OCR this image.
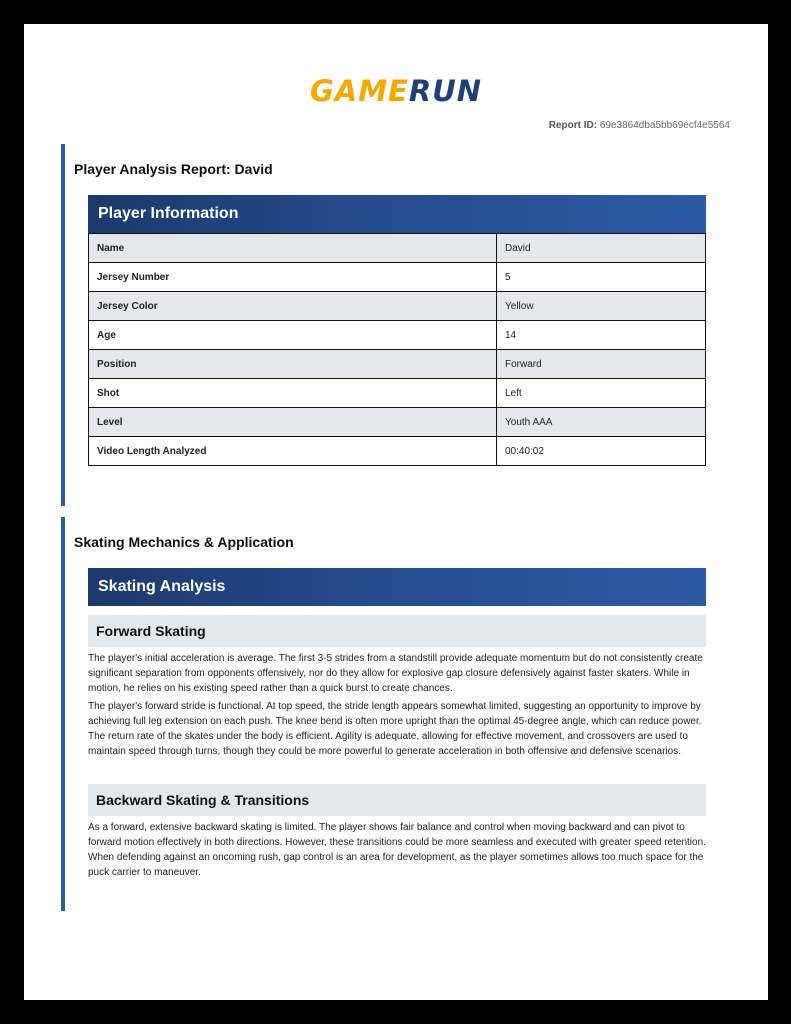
GAMERUN
Report ID: 69e3864dba5bb69ecf4e5564
Player Analysis Report: David
Player Information
Name	David
Jersey Number	5
Jersey Color	Yellow
Age	14
Position	Forward
Shot	Left
Level	Youth AAA
Video Length Analyzed	00:40:02
Skating Mechanics & Application
Skating Analysis
Forward Skating
The player's initial acceleration is average. The first 3-5 strides from a standstill provide adequate momentum but do not consistently create significant separation from opponents offensively, nor do they allow for explosive gap closure defensively against faster skaters. While in motion, he relies on his existing speed rather than a quick burst to create chances.
The player's forward stride is functional. At top speed, the stride length appears somewhat limited, suggesting an opportunity to improve by achieving full leg extension on each push. The knee bend is often more upright than the optimal 45-degree angle, which can reduce power. The return rate of the skates under the body is efficient. Agility is adequate, allowing for effective movement, and crossovers are used to maintain speed through turns, though they could be more powerful to generate acceleration in both offensive and defensive scenarios.
Backward Skating & Transitions
As a forward, extensive backward skating is limited. The player shows fair balance and control when moving backward and can pivot to forward motion effectively in both directions. However, these transitions could be more seamless and executed with greater speed retention. When defending against an oncoming rush, gap control is an area for development, as the player sometimes allows too much space for the puck carrier to maneuver.
